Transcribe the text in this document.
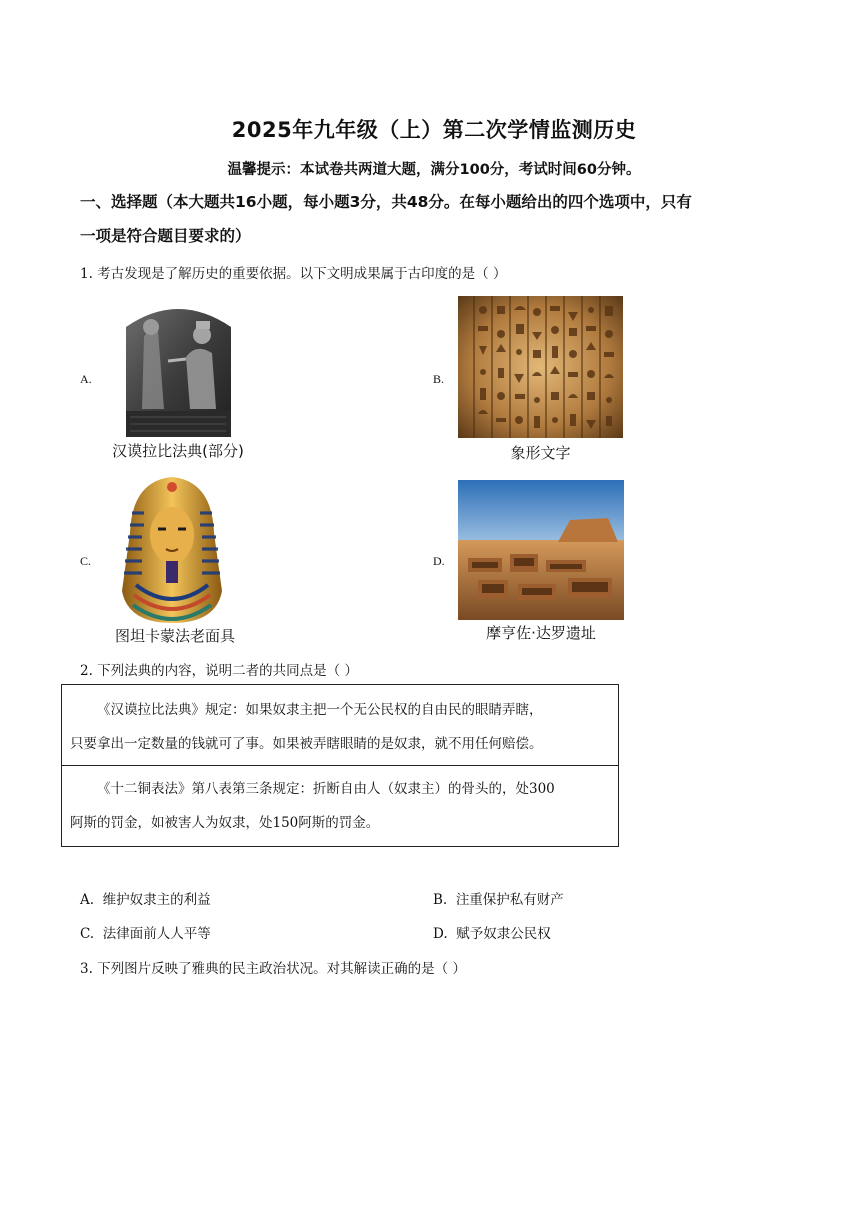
2025年九年级（上）第二次学情监测历史
温馨提示：本试卷共两道大题，满分100分，考试时间60分钟。
一、选择题（本大题共16小题，每小题3分，共48分。在每小题给出的四个选项中，只有
一项是符合题目要求的）
1. 考古发现是了解历史的重要依据。以下文明成果属于古印度的是（ ）
A.
汉谟拉比法典(部分)
B.
象形文字
C.
图坦卡蒙法老面具
D.
摩亨佐·达罗遗址
2. 下列法典的内容，说明二者的共同点是（ ）
《汉谟拉比法典》规定：如果奴隶主把一个无公民权的自由民的眼睛弄瞎，
只要拿出一定数量的钱就可了事。如果被弄瞎眼睛的是奴隶，就不用任何赔偿。
《十二铜表法》第八表第三条规定：折断自由人（奴隶主）的骨头的，处300
阿斯的罚金，如被害人为奴隶，处150阿斯的罚金。
A. 维护奴隶主的利益	B. 注重保护私有财产
C. 法律面前人人平等	D. 赋予奴隶公民权
3. 下列图片反映了雅典的民主政治状况。对其解读正确的是（ ）
